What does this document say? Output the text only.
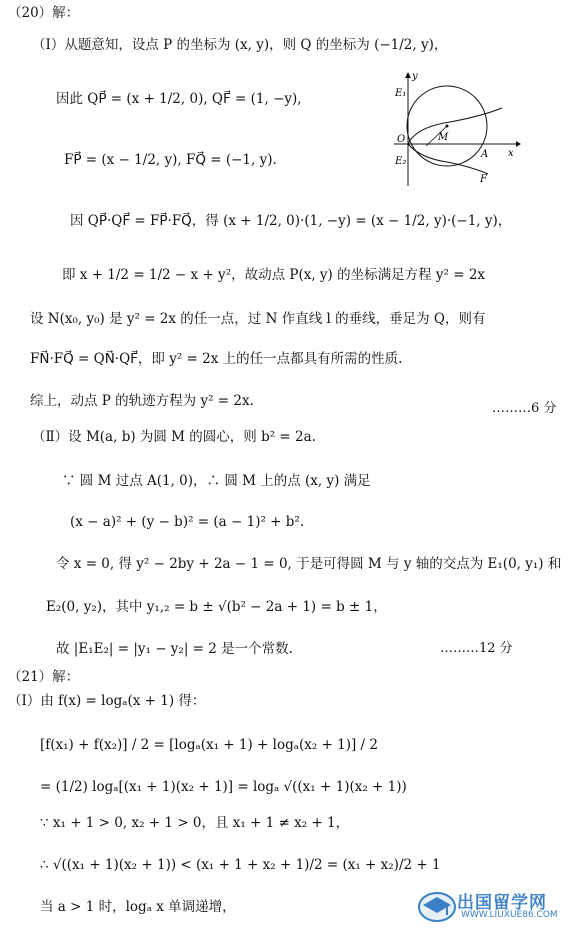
（20）解：
（Ⅰ）从题意知，设点 P 的坐标为 (x, y)，则 Q 的坐标为 (−1/2, y)，
因此 QP⃗ = (x + 1/2, 0), QF⃗ = (1, −y),
FP⃗ = (x − 1/2, y), FQ⃗ = (−1, y).
因 QP⃗·QF⃗ = FP⃗·FQ⃗，得 (x + 1/2, 0)·(1, −y) = (x − 1/2, y)·(−1, y)，
即 x + 1/2 = 1/2 − x + y²，故动点 P(x, y) 的坐标满足方程 y² = 2x
设 N(x₀, y₀) 是 y² = 2x 的任一点，过 N 作直线 l 的垂线，垂足为 Q，则有
FN⃗·FQ⃗ = QN⃗·QF⃗，即 y² = 2x 上的任一点都具有所需的性质.
综上，动点 P 的轨迹方程为 y² = 2x.	………6 分
（Ⅱ）设 M(a, b) 为圆 M 的圆心，则 b² = 2a.
∵ 圆 M 过点 A(1, 0)，∴ 圆 M 上的点 (x, y) 满足
(x − a)² + (y − b)² = (a − 1)² + b².
令 x = 0, 得 y² − 2by + 2a − 1 = 0, 于是可得圆 M 与 y 轴的交点为 E₁(0, y₁) 和
E₂(0, y₂)，其中 y₁,₂ = b ± √(b² − 2a + 1) = b ± 1，
故 |E₁E₂| = |y₁ − y₂| = 2 是一个常数.	………12 分
（21）解：
（Ⅰ）由 f(x) = logₐ(x + 1) 得：
[f(x₁) + f(x₂)] / 2 = [logₐ(x₁ + 1) + logₐ(x₂ + 1)] / 2
= (1/2) logₐ[(x₁ + 1)(x₂ + 1)] = logₐ √((x₁ + 1)(x₂ + 1))
∵ x₁ + 1 > 0, x₂ + 1 > 0，且 x₁ + 1 ≠ x₂ + 1，
∴ √((x₁ + 1)(x₂ + 1)) < (x₁ + 1 + x₂ + 1)/2 = (x₁ + x₂)/2 + 1
当 a > 1 时，logₐ x 单调递增，
y
x
E₁
E₂
O	M
A
F
出国留学网
WWW.LIUXUE86.COM
